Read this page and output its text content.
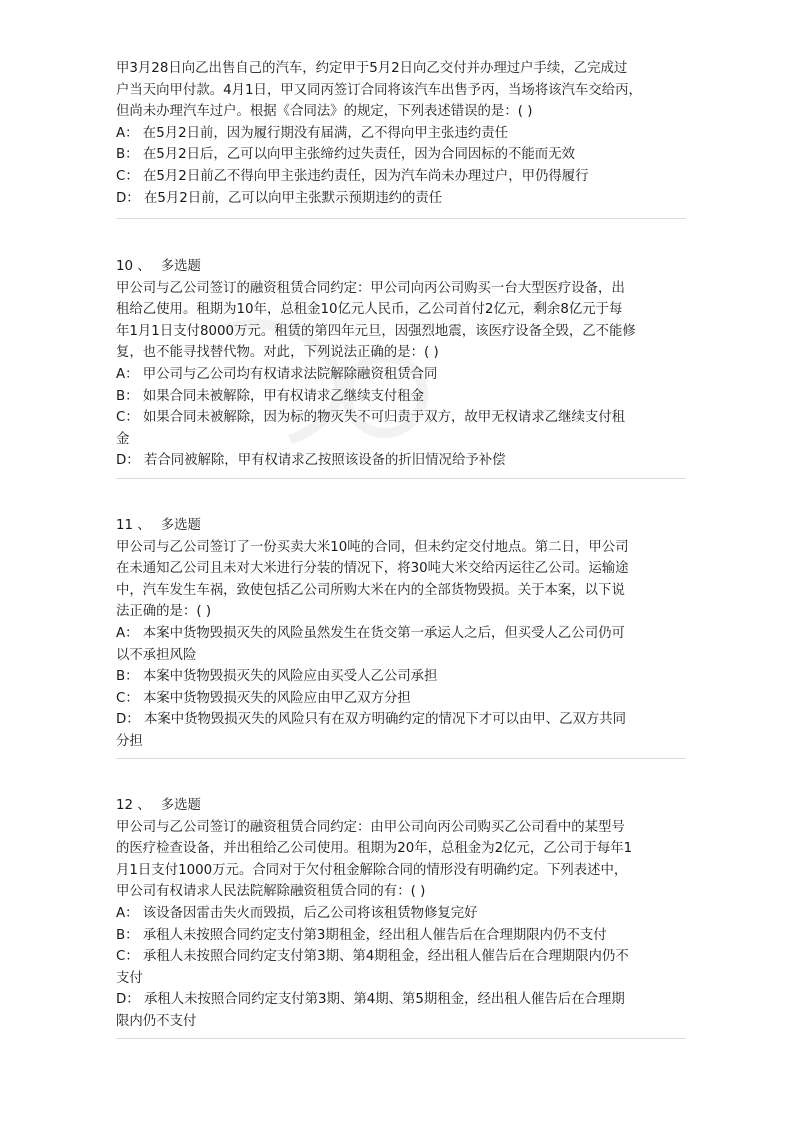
甲3月28日向乙出售自己的汽车，约定甲于5月2日向乙交付并办理过户手续，乙完成过

户当天向甲付款。4月1日，甲又同丙签订合同将该汽车出售予丙，当场将该汽车交给丙，

但尚未办理汽车过户。根据《合同法》的规定，下列表述错误的是：( )

A： 在5月2日前，因为履行期没有届满，乙不得向甲主张违约责任

B： 在5月2日后，乙可以向甲主张缔约过失责任，因为合同因标的不能而无效

C： 在5月2日前乙不得向甲主张违约责任，因为汽车尚未办理过户，甲仍得履行

D： 在5月2日前，乙可以向甲主张默示预期违约的责任

10 、 多选题

甲公司与乙公司签订的融资租赁合同约定：甲公司向丙公司购买一台大型医疗设备，出

租给乙使用。租期为10年，总租金10亿元人民币，乙公司首付2亿元，剩余8亿元于每

年1月1日支付8000万元。租赁的第四年元旦，因强烈地震，该医疗设备全毁，乙不能修

复，也不能寻找替代物。对此，下列说法正确的是：( )

A： 甲公司与乙公司均有权请求法院解除融资租赁合同

B： 如果合同未被解除，甲有权请求乙继续支付租金

C： 如果合同未被解除，因为标的物灭失不可归责于双方，故甲无权请求乙继续支付租

金

D： 若合同被解除，甲有权请求乙按照该设备的折旧情况给予补偿

11 、 多选题

甲公司与乙公司签订了一份买卖大米10吨的合同，但未约定交付地点。第二日，甲公司

在未通知乙公司且未对大米进行分装的情况下，将30吨大米交给丙运往乙公司。运输途

中，汽车发生车祸，致使包括乙公司所购大米在内的全部货物毁损。关于本案，以下说

法正确的是：( )

A： 本案中货物毁损灭失的风险虽然发生在货交第一承运人之后，但买受人乙公司仍可

以不承担风险

B： 本案中货物毁损灭失的风险应由买受人乙公司承担

C： 本案中货物毁损灭失的风险应由甲乙双方分担

D： 本案中货物毁损灭失的风险只有在双方明确约定的情况下才可以由甲、乙双方共同

分担

12 、 多选题

甲公司与乙公司签订的融资租赁合同约定：由甲公司向丙公司购买乙公司看中的某型号

的医疗检查设备，并出租给乙公司使用。租期为20年，总租金为2亿元，乙公司于每年1

月1日支付1000万元。合同对于欠付租金解除合同的情形没有明确约定。下列表述中，

甲公司有权请求人民法院解除融资租赁合同的有：( )

A： 该设备因雷击失火而毁损，后乙公司将该租赁物修复完好

B： 承租人未按照合同约定支付第3期租金，经出租人催告后在合理期限内仍不支付

C： 承租人未按照合同约定支付第3期、第4期租金，经出租人催告后在合理期限内仍不

支付

D： 承租人未按照合同约定支付第3期、第4期、第5期租金，经出租人催告后在合理期

限内仍不支付
